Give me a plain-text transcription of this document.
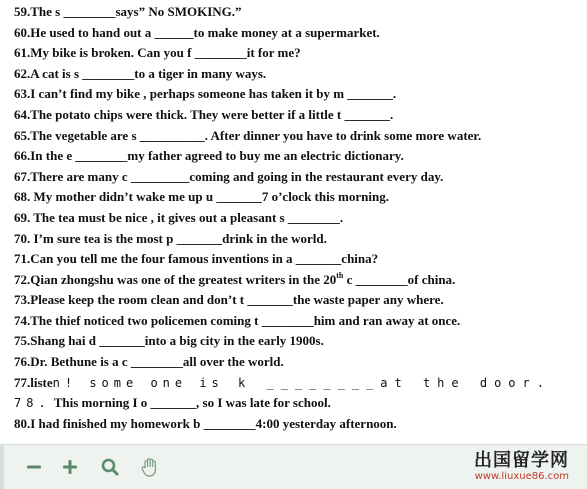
59.The s ________says” No SMOKING.”
60.He used to hand out a ______to make money at a supermarket.
61.My bike is broken. Can you f ________it for me?
62.A cat is s ________to a tiger in many ways.
63.I can’t find my bike , perhaps someone has taken it by m _______.
64.The potato chips were thick. They were better if a little t _______.
65.The vegetable are s __________. After dinner you have to drink some more water.
66.In the e ________my father agreed to buy me an electric dictionary.
67.There are many c _________coming and going in the restaurant every day.
68. My mother didn’t wake me up u _______7 o’clock this morning.
69. The tea must be nice , it gives out a pleasant s ________.
70. I’m sure tea is the most p _______drink in the world.
71.Can you tell me the four famous inventions in a _______china?
72.Qian zhongshu was one of the greatest writers in the 20th c ________of china.
73.Please keep the room clean and don’t t _______the waste paper any where.
74.The thief noticed two policemen coming t ________him and ran away at once.
75.Shang hai d _______into a big city in the early 1900s.
76.Dr. Bethune is a c ________all over the world.
77.listen! some one is k ________at the door.
78. This morning I o _______, so I was late for school.
80.I had finished my homework b ________4:00 yesterday afternoon.
出国留学网
www.liuxue86.com
